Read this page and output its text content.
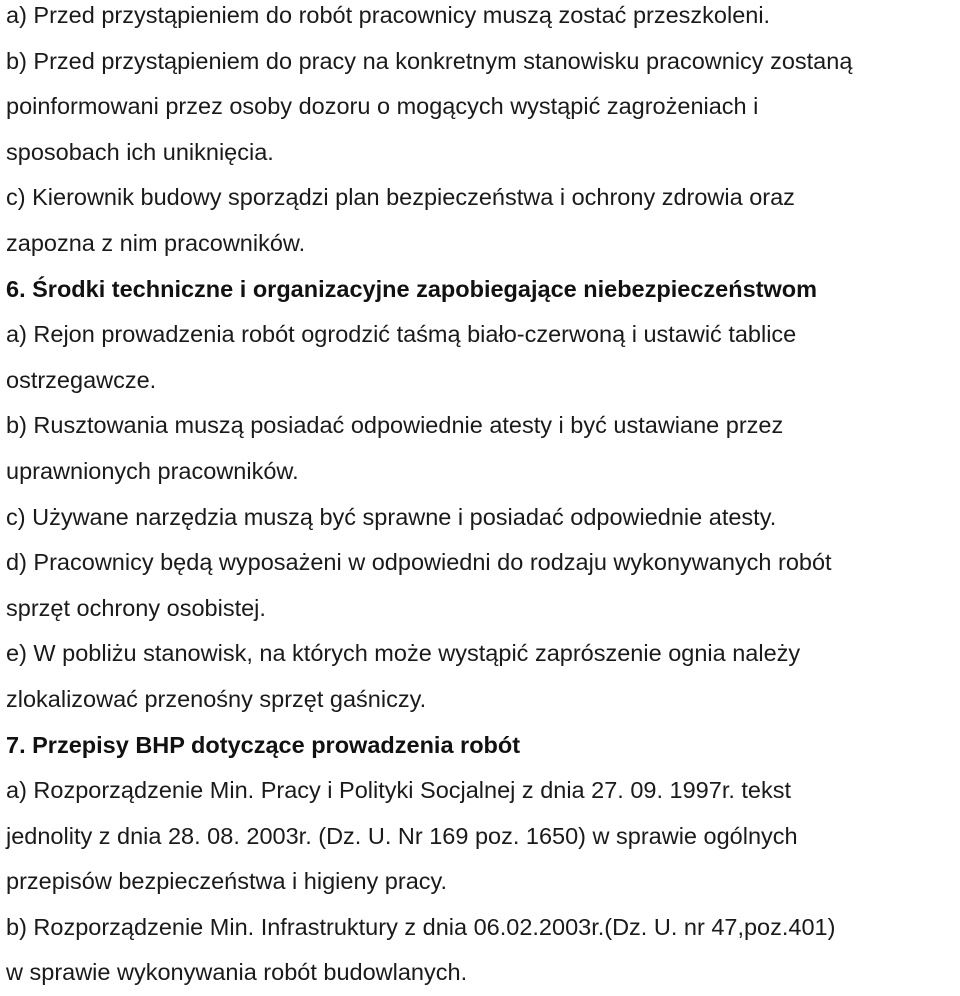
a) Przed przystąpieniem do robót pracownicy muszą zostać przeszkoleni.
b) Przed przystąpieniem do pracy na konkretnym stanowisku pracownicy zostaną
poinformowani przez osoby dozoru o mogących wystąpić zagrożeniach i
sposobach ich uniknięcia.
c) Kierownik budowy sporządzi plan bezpieczeństwa i ochrony zdrowia oraz
zapozna z nim pracowników.
6. Środki techniczne i organizacyjne zapobiegające niebezpieczeństwom
a) Rejon prowadzenia robót ogrodzić taśmą biało-czerwoną i ustawić tablice
ostrzegawcze.
b) Rusztowania muszą posiadać odpowiednie atesty i być ustawiane przez
uprawnionych pracowników.
c) Używane narzędzia muszą być sprawne i posiadać odpowiednie atesty.
d) Pracownicy będą wyposażeni w odpowiedni do rodzaju wykonywanych robót
sprzęt ochrony osobistej.
e) W pobliżu stanowisk, na których może wystąpić zaprószenie ognia należy
zlokalizować przenośny sprzęt gaśniczy.
7. Przepisy BHP dotyczące prowadzenia robót
a) Rozporządzenie Min. Pracy i Polityki Socjalnej z dnia 27. 09. 1997r. tekst
jednolity z dnia 28. 08. 2003r. (Dz. U. Nr 169 poz. 1650) w sprawie ogólnych
przepisów bezpieczeństwa i higieny pracy.
b) Rozporządzenie Min. Infrastruktury z dnia 06.02.2003r.(Dz. U. nr 47,poz.401)
w sprawie wykonywania robót budowlanych.
